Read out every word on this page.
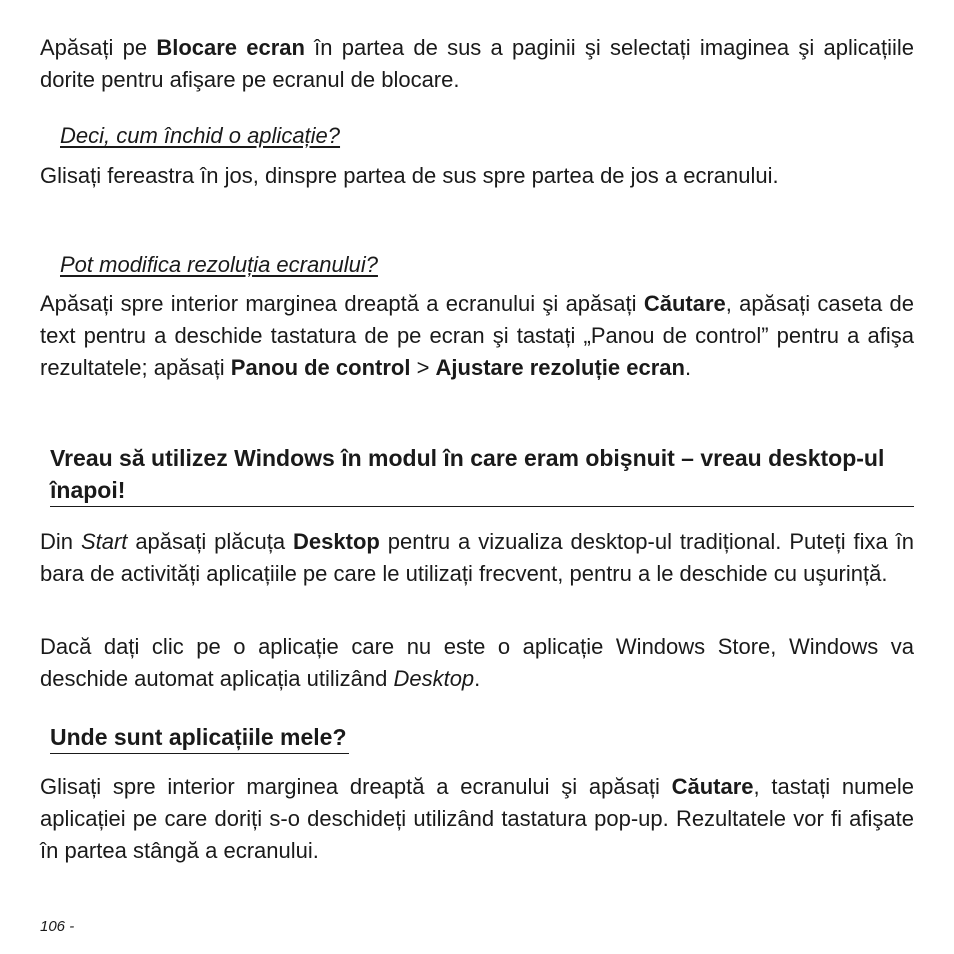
Apăsați pe Blocare ecran în partea de sus a paginii şi selectați imaginea şi aplicațiile dorite pentru afişare pe ecranul de blocare.

Deci, cum închid o aplicație?

Glisați fereastra în jos, dinspre partea de sus spre partea de jos a ecranului.

Pot modifica rezoluția ecranului?

Apăsați spre interior marginea dreaptă a ecranului şi apăsați Căutare, apăsați caseta de text pentru a deschide tastatura de pe ecran şi tastați „Panou de control” pentru a afişa rezultatele; apăsați Panou de control > Ajustare rezoluție ecran.

Vreau să utilizez Windows în modul în care eram obişnuit – vreau desktop-ul înapoi!

Din Start apăsați plăcuța Desktop pentru a vizualiza desktop-ul tradițional. Puteți fixa în bara de activități aplicațiile pe care le utilizați frecvent, pentru a le deschide cu uşurință.

Dacă dați clic pe o aplicație care nu este o aplicație Windows Store, Windows va deschide automat aplicația utilizând Desktop.

Unde sunt aplicațiile mele?

Glisați spre interior marginea dreaptă a ecranului şi apăsați Căutare, tastați numele aplicației pe care doriți s-o deschideți utilizând tastatura pop-up. Rezultatele vor fi afişate în partea stângă a ecranului.

106 -
